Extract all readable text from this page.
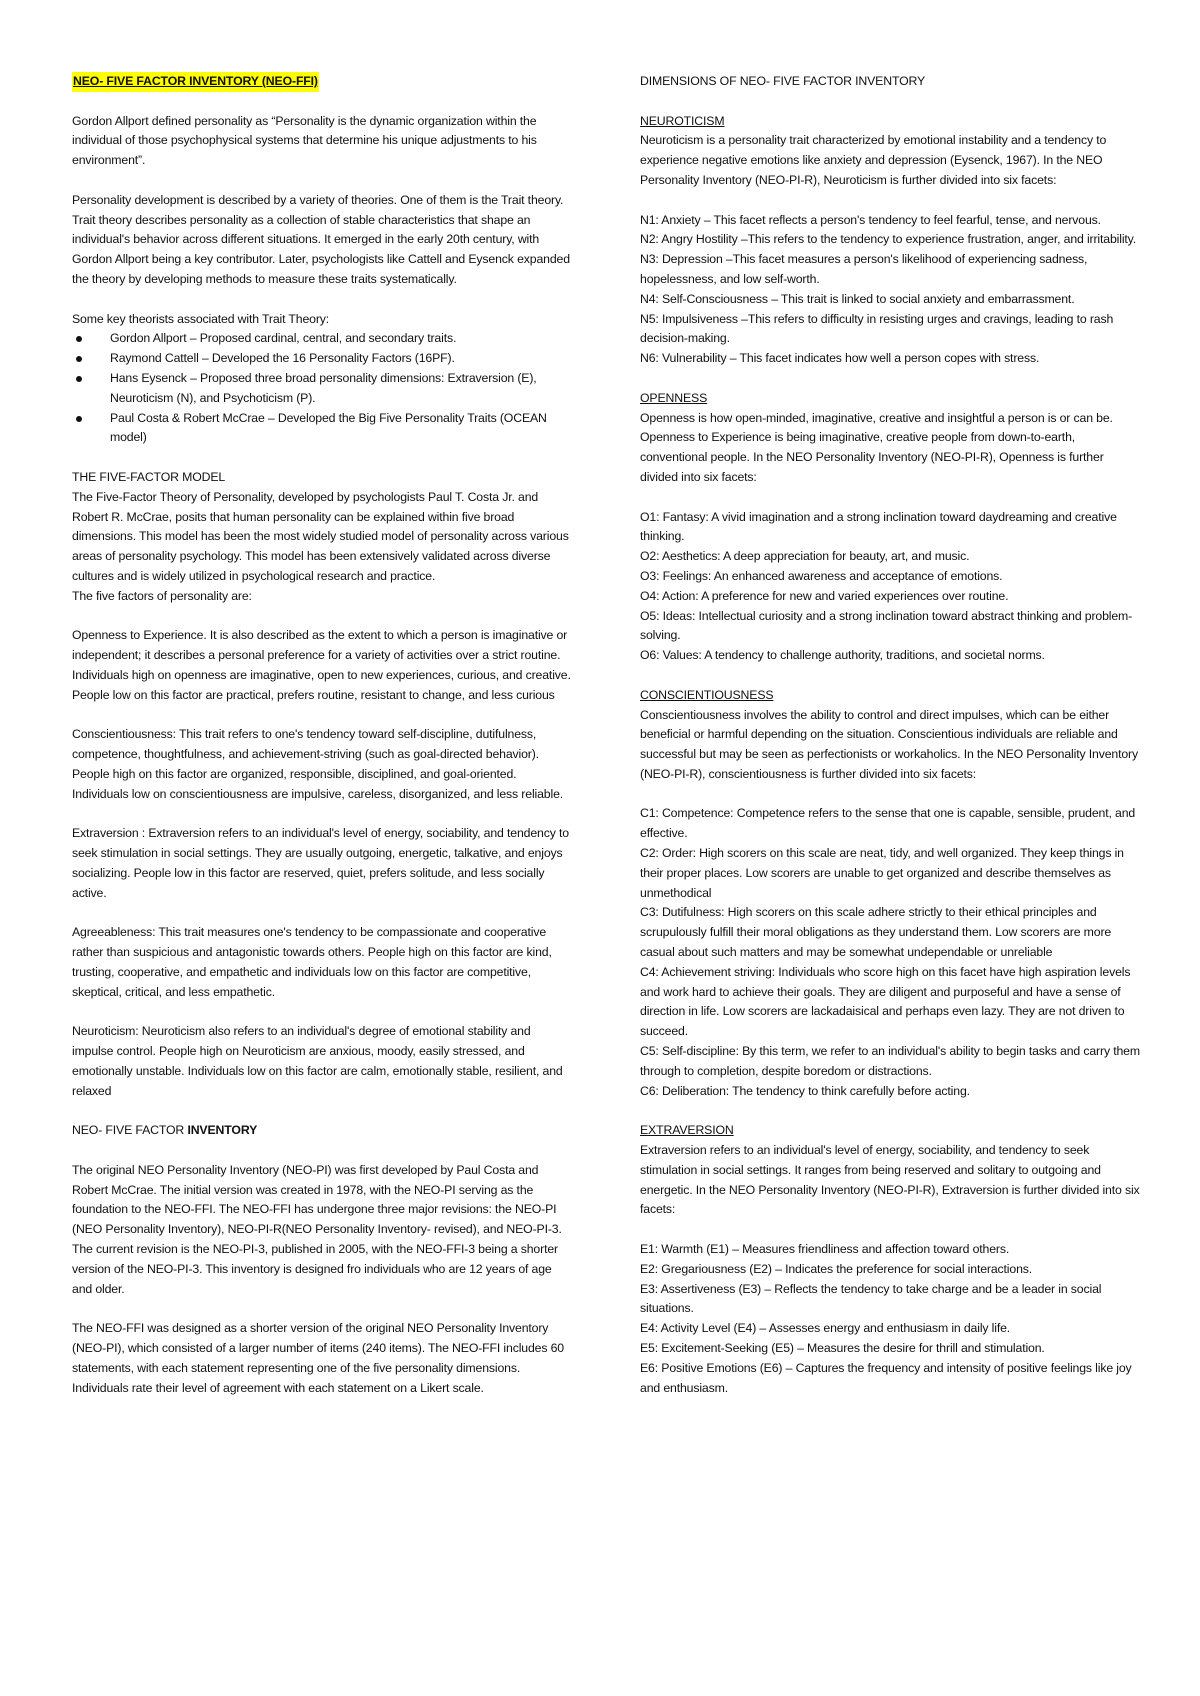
NEO- FIVE FACTOR INVENTORY (NEO-FFI)

Gordon Allport defined personality as “Personality is the dynamic organization within the individual of those psychophysical systems that determine his unique adjustments to his environment”.

Personality development is described by a variety of theories. One of them is the Trait theory. Trait theory describes personality as a collection of stable characteristics that shape an individual's behavior across different situations. It emerged in the early 20th century, with Gordon Allport being a key contributor. Later, psychologists like Cattell and Eysenck expanded the theory by developing methods to measure these traits systematically.

Some key theorists associated with Trait Theory:

Gordon Allport – Proposed cardinal, central, and secondary traits.
Raymond Cattell – Developed the 16 Personality Factors (16PF).
Hans Eysenck – Proposed three broad personality dimensions: Extraversion (E), Neuroticism (N), and Psychoticism (P).
Paul Costa & Robert McCrae – Developed the Big Five Personality Traits (OCEAN model)

THE FIVE-FACTOR MODEL

The Five-Factor Theory of Personality, developed by psychologists Paul T. Costa Jr. and Robert R. McCrae, posits that human personality can be explained within five broad dimensions. This model has been the most widely studied model of personality across various areas of personality psychology. This model has been extensively validated across diverse cultures and is widely utilized in psychological research and practice.

The five factors of personality are:

Openness to Experience. It is also described as the extent to which a person is imaginative or independent; it describes a personal preference for a variety of activities over a strict routine. Individuals high on openness are imaginative, open to new experiences, curious, and creative. People low on this factor are practical, prefers routine, resistant to change, and less curious

Conscientiousness: This trait refers to one's tendency toward self-discipline, dutifulness, competence, thoughtfulness, and achievement-striving (such as goal-directed behavior). People high on this factor are organized, responsible, disciplined, and goal-oriented. Individuals low on conscientiousness are impulsive, careless, disorganized, and less reliable.

Extraversion : Extraversion refers to an individual's level of energy, sociability, and tendency to seek stimulation in social settings. They are usually outgoing, energetic, talkative, and enjoys socializing. People low in this factor are reserved, quiet, prefers solitude, and less socially active.

Agreeableness: This trait measures one's tendency to be compassionate and cooperative rather than suspicious and antagonistic towards others. People high on this factor are kind, trusting, cooperative, and empathetic and individuals low on this factor are competitive, skeptical, critical, and less empathetic.

Neuroticism: Neuroticism also refers to an individual's degree of emotional stability and impulse control. People high on Neuroticism are anxious, moody, easily stressed, and emotionally unstable. Individuals low on this factor are calm, emotionally stable, resilient, and relaxed

NEO- FIVE FACTOR INVENTORY

The original NEO Personality Inventory (NEO-PI) was first developed by Paul Costa and Robert McCrae. The initial version was created in 1978, with the NEO-PI serving as the foundation to the NEO-FFI. The NEO-FFI has undergone three major revisions: the NEO-PI (NEO Personality Inventory), NEO-PI-R(NEO Personality Inventory- revised), and NEO-PI-3. The current revision is the NEO-PI-3, published in 2005, with the NEO-FFI-3 being a shorter version of the NEO-PI-3. This inventory is designed fro individuals who are 12 years of age and older.

The NEO-FFI was designed as a shorter version of the original NEO Personality Inventory (NEO-PI), which consisted of a larger number of items (240 items). The NEO-FFI includes 60 statements, with each statement representing one of the five personality dimensions. Individuals rate their level of agreement with each statement on a Likert scale.

DIMENSIONS OF NEO- FIVE FACTOR INVENTORY

NEUROTICISM

Neuroticism is a personality trait characterized by emotional instability and a tendency to experience negative emotions like anxiety and depression (Eysenck, 1967). In the NEO Personality Inventory (NEO-PI-R), Neuroticism is further divided into six facets:

N1: Anxiety – This facet reflects a person's tendency to feel fearful, tense, and nervous.

N2: Angry Hostility –This refers to the tendency to experience frustration, anger, and irritability.

N3: Depression –This facet measures a person's likelihood of experiencing sadness, hopelessness, and low self-worth.

N4: Self-Consciousness – This trait is linked to social anxiety and embarrassment.

N5: Impulsiveness –This refers to difficulty in resisting urges and cravings, leading to rash decision-making.

N6: Vulnerability – This facet indicates how well a person copes with stress.

OPENNESS

Openness is how open-minded, imaginative, creative and insightful a person is or can be. Openness to Experience is being imaginative, creative people from down-to-earth, conventional people. In the NEO Personality Inventory (NEO-PI-R), Openness is further divided into six facets:

O1: Fantasy: A vivid imagination and a strong inclination toward daydreaming and creative thinking.

O2: Aesthetics: A deep appreciation for beauty, art, and music.

O3: Feelings: An enhanced awareness and acceptance of emotions.

O4: Action: A preference for new and varied experiences over routine.

O5: Ideas: Intellectual curiosity and a strong inclination toward abstract thinking and problem-solving.

O6: Values: A tendency to challenge authority, traditions, and societal norms.

CONSCIENTIOUSNESS

Conscientiousness involves the ability to control and direct impulses, which can be either beneficial or harmful depending on the situation. Conscientious individuals are reliable and successful but may be seen as perfectionists or workaholics. In the NEO Personality Inventory (NEO-PI-R), conscientiousness is further divided into six facets:

C1: Competence: Competence refers to the sense that one is capable, sensible, prudent, and effective.

C2: Order: High scorers on this scale are neat, tidy, and well organized. They keep things in their proper places. Low scorers are unable to get organized and describe themselves as unmethodical

C3: Dutifulness: High scorers on this scale adhere strictly to their ethical principles and scrupulously fulfill their moral obligations as they understand them. Low scorers are more casual about such matters and may be somewhat undependable or unreliable

C4: Achievement striving: Individuals who score high on this facet have high aspiration levels and work hard to achieve their goals. They are diligent and purposeful and have a sense of direction in life. Low scorers are lackadaisical and perhaps even lazy. They are not driven to succeed.

C5: Self-discipline: By this term, we refer to an individual's ability to begin tasks and carry them through to completion, despite boredom or distractions.

C6: Deliberation: The tendency to think carefully before acting.

EXTRAVERSION

Extraversion refers to an individual's level of energy, sociability, and tendency to seek stimulation in social settings. It ranges from being reserved and solitary to outgoing and energetic. In the NEO Personality Inventory (NEO-PI-R), Extraversion is further divided into six facets:

E1: Warmth (E1) – Measures friendliness and affection toward others.

E2: Gregariousness (E2) – Indicates the preference for social interactions.

E3: Assertiveness (E3) – Reflects the tendency to take charge and be a leader in social situations.

E4: Activity Level (E4) – Assesses energy and enthusiasm in daily life.

E5: Excitement-Seeking (E5) – Measures the desire for thrill and stimulation.

E6: Positive Emotions (E6) – Captures the frequency and intensity of positive feelings like joy and enthusiasm.
